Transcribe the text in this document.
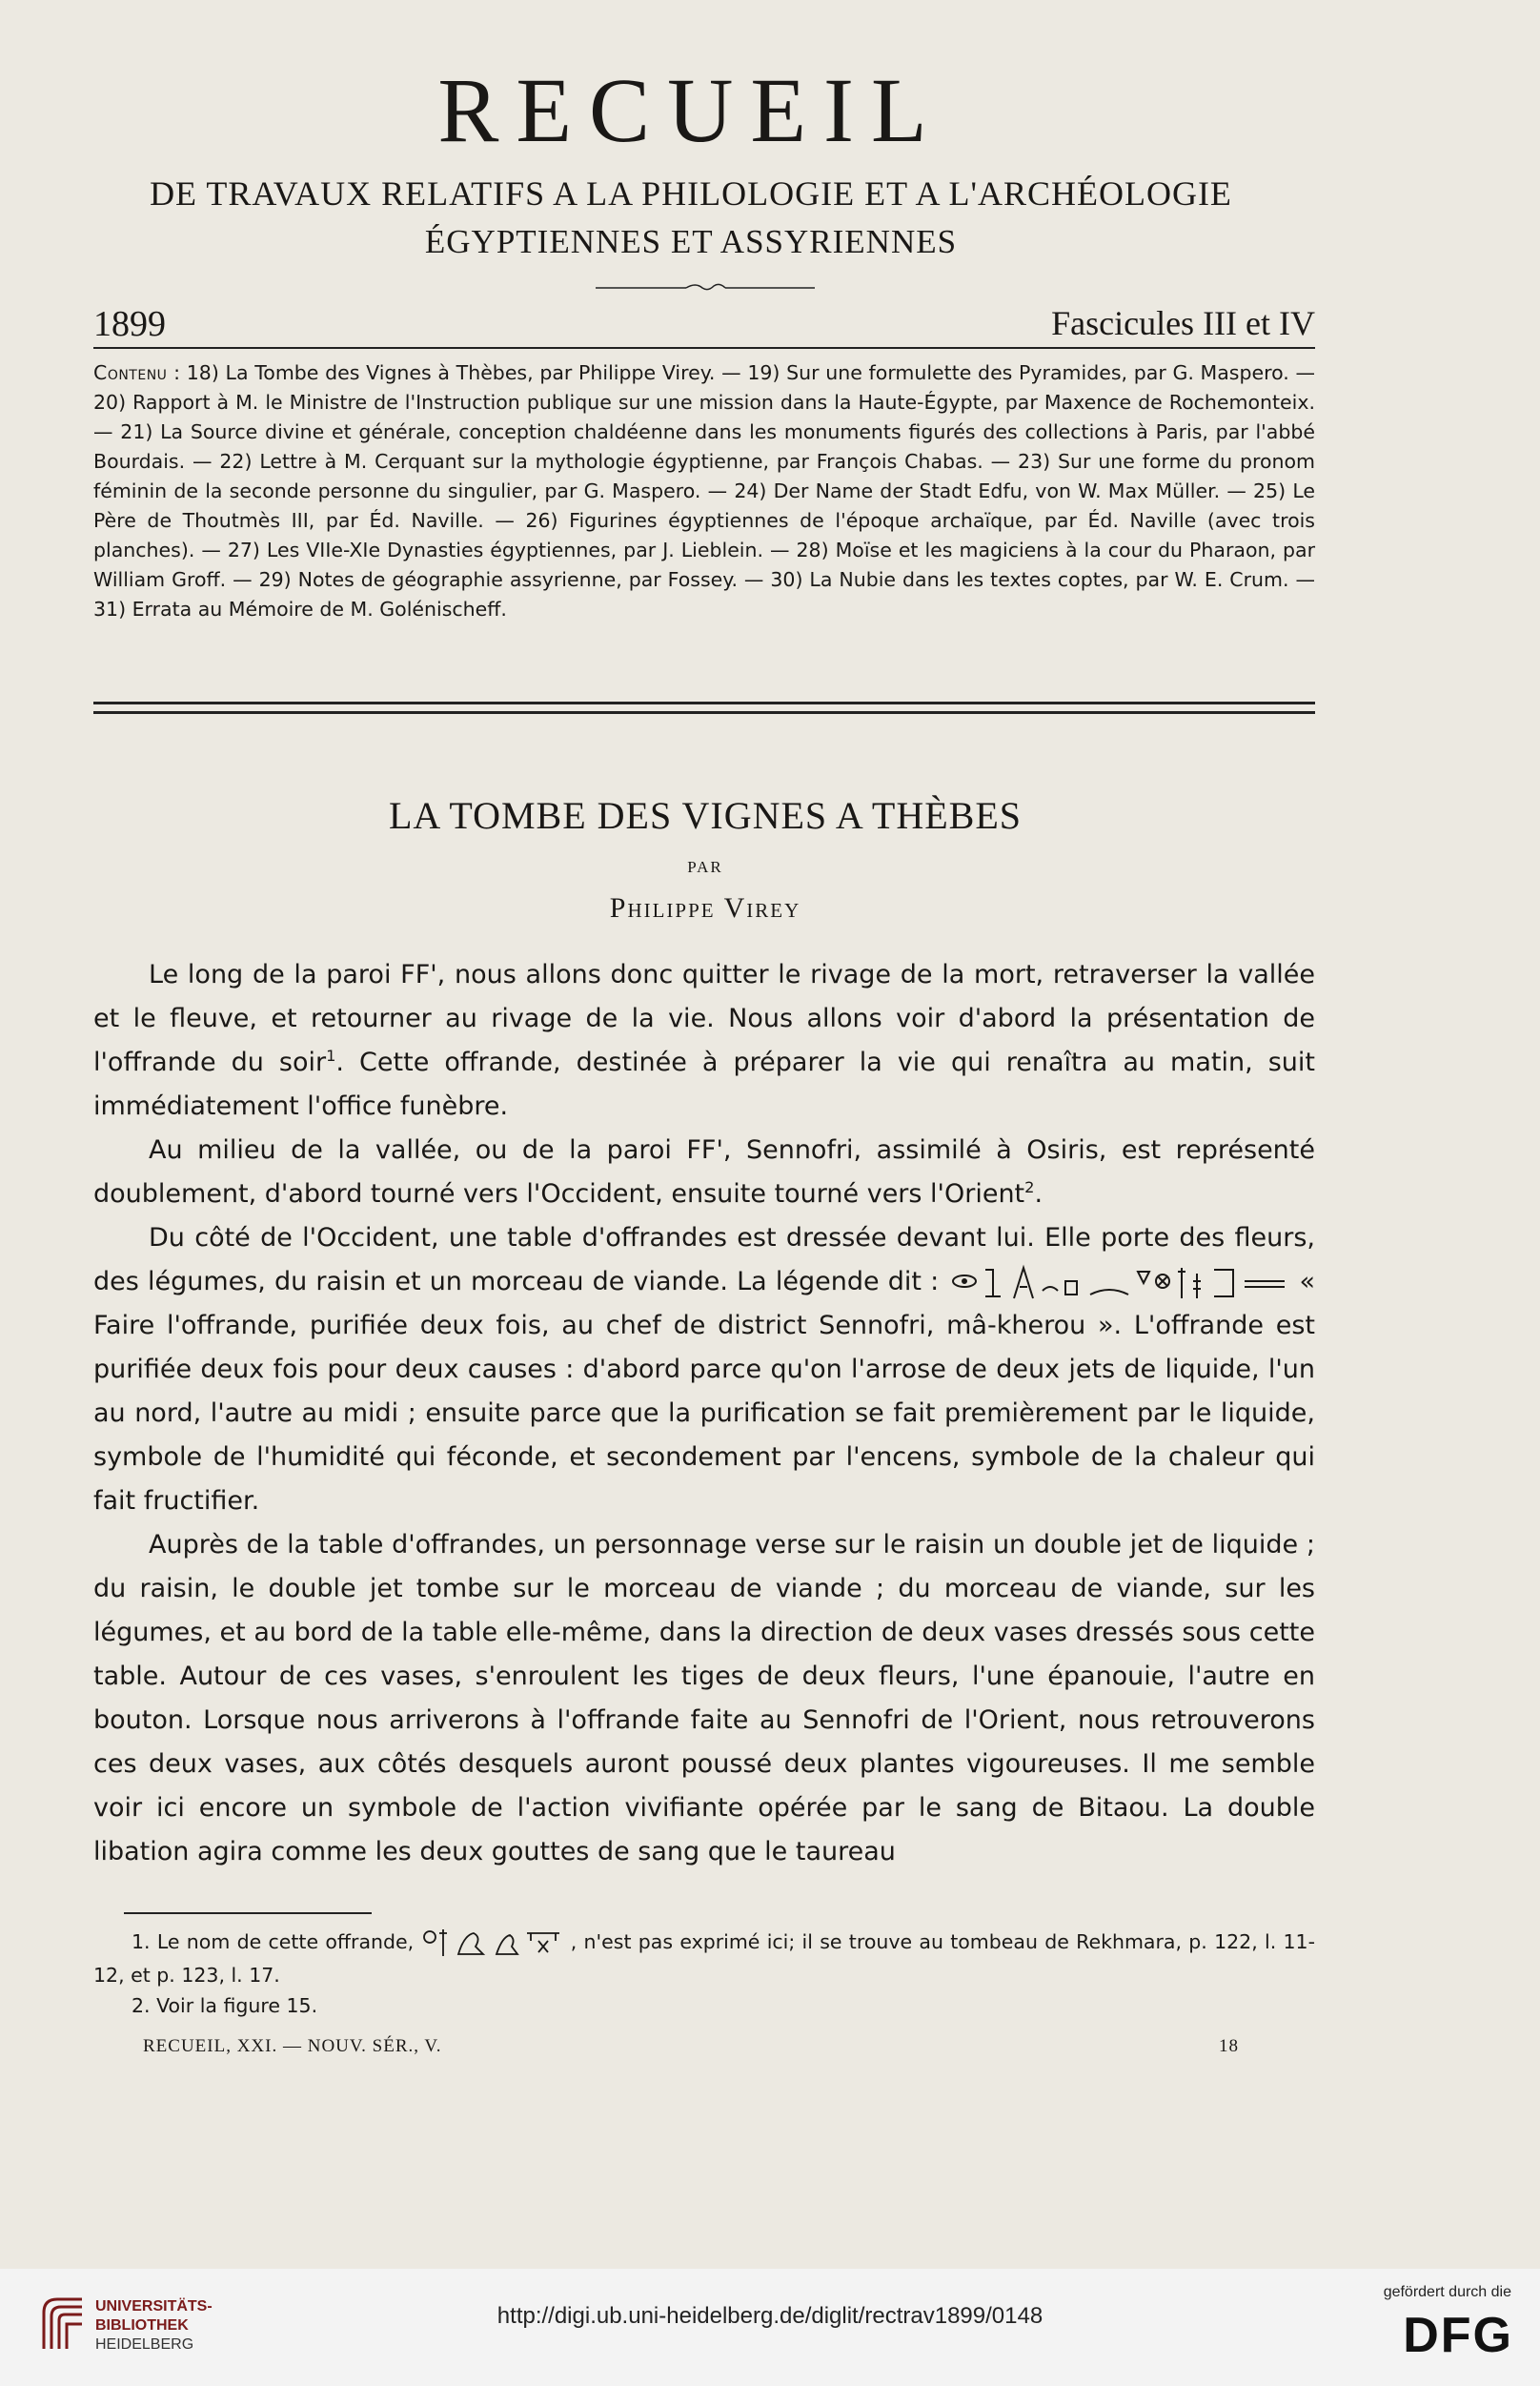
RECUEIL
DE TRAVAUX RELATIFS A LA PHILOLOGIE ET A L'ARCHÉOLOGIE
ÉGYPTIENNES ET ASSYRIENNES
1899	Fascicules III et IV
Contenu : 18) La Tombe des Vignes à Thèbes, par Philippe Virey. — 19) Sur une formulette des Pyramides, par G. Maspero. — 20) Rapport à M. le Ministre de l'Instruction publique sur une mission dans la Haute-Égypte, par Maxence de Rochemonteix. — 21) La Source divine et générale, conception chaldéenne dans les monuments figurés des collections à Paris, par l'abbé Bourdais. — 22) Lettre à M. Cerquant sur la mythologie égyptienne, par François Chabas. — 23) Sur une forme du pronom féminin de la seconde personne du singulier, par G. Maspero. — 24) Der Name der Stadt Edfu, von W. Max Müller. — 25) Le Père de Thoutmès III, par Éd. Naville. — 26) Figurines égyptiennes de l'époque archaïque, par Éd. Naville (avec trois planches). — 27) Les VIIe-XIe Dynasties égyptiennes, par J. Lieblein. — 28) Moïse et les magiciens à la cour du Pharaon, par William Groff. — 29) Notes de géographie assyrienne, par Fossey. — 30) La Nubie dans les textes coptes, par W. E. Crum. — 31) Errata au Mémoire de M. Golénischeff.
LA TOMBE DES VIGNES A THÈBES
PAR
Philippe Virey

Le long de la paroi FF', nous allons donc quitter le rivage de la mort, retraverser la vallée et le fleuve, et retourner au rivage de la vie. Nous allons voir d'abord la présentation de l'offrande du soir$^1$. Cette offrande, destinée à préparer la vie qui renaîtra au matin, suit immédiatement l'office funèbre.

Au milieu de la vallée, ou de la paroi FF', Sennofri, assimilé à Osiris, est représenté doublement, d'abord tourné vers l'Occident, ensuite tourné vers l'Orient$^2$.

Du côté de l'Occident, une table d'offrandes est dressée devant lui. Elle porte des fleurs, des légumes, du raisin et un morceau de viande. La légende dit :	« Faire l'offrande, purifiée deux fois, au chef de district Sennofri, mâ-kherou ». L'offrande est purifiée deux fois pour deux causes : d'abord parce qu'on l'arrose de deux jets de liquide, l'un au nord, l'autre au midi ; ensuite parce que la purification se fait premièrement par le liquide, symbole de l'humidité qui féconde, et secondement par l'encens, symbole de la chaleur qui fait fructifier.

Auprès de la table d'offrandes, un personnage verse sur le raisin un double jet de liquide ; du raisin, le double jet tombe sur le morceau de viande ; du morceau de viande, sur les légumes, et au bord de la table elle-même, dans la direction de deux vases dressés sous cette table. Autour de ces vases, s'enroulent les tiges de deux fleurs, l'une épanouie, l'autre en bouton. Lorsque nous arriverons à l'offrande faite au Sennofri de l'Orient, nous retrouverons ces deux vases, aux côtés desquels auront poussé deux plantes vigoureuses. Il me semble voir ici encore un symbole de l'action vivifiante opérée par le sang de Bitaou. La double libation agira comme les deux gouttes de sang que le taureau

1. Le nom de cette offrande,	, n'est pas exprimé ici; il se trouve au tombeau de Rekhmara, p. 122, l. 11-12, et p. 123, l. 17.
2. Voir la figure 15.
RECUEIL, XXI. — NOUV. SÉR., V.	18
UNIVERSITÄTS-
BIBLIOTHEK
HEIDELBERG
http://digi.ub.uni-heidelberg.de/diglit/rectrav1899/0148
gefördert durch die
DFG
